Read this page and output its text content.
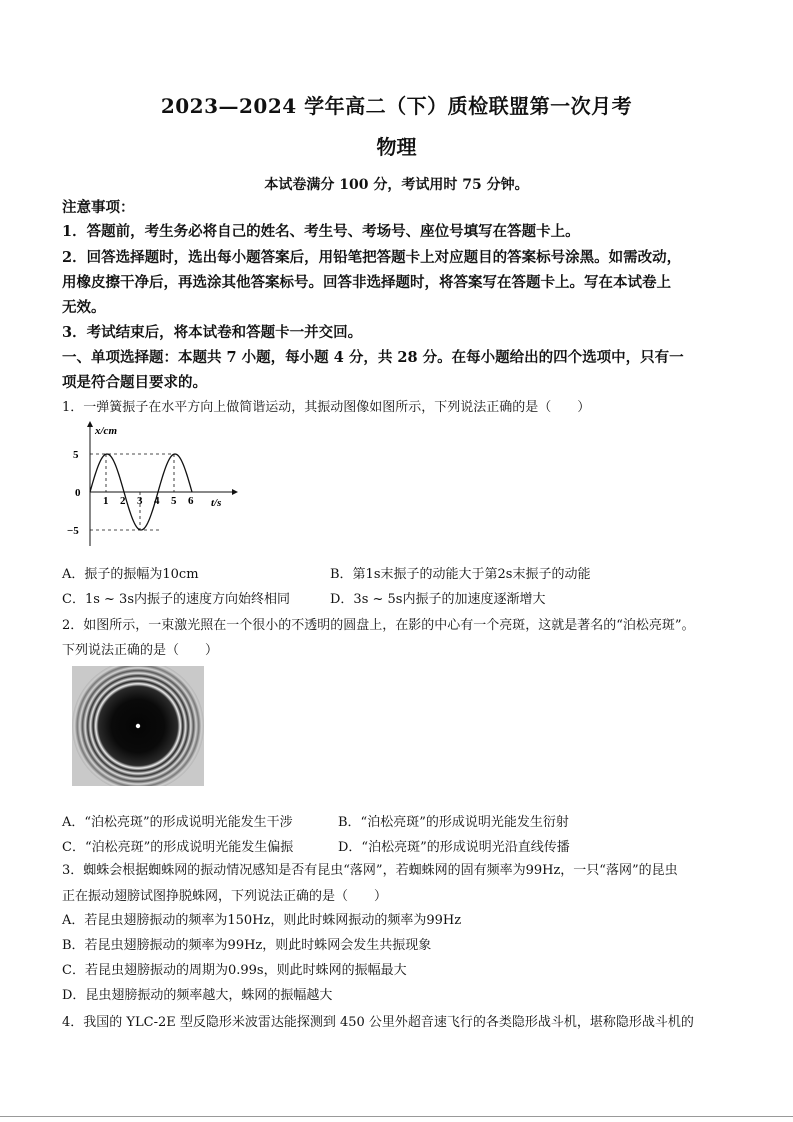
2023—2024 学年高二（下）质检联盟第一次月考
物理
本试卷满分 100 分，考试用时 75 分钟。
注意事项：
1．答题前，考生务必将自己的姓名、考生号、考场号、座位号填写在答题卡上。
2．回答选择题时，选出每小题答案后，用铅笔把答题卡上对应题目的答案标号涂黑。如需改动，
用橡皮擦干净后，再选涂其他答案标号。回答非选择题时，将答案写在答题卡上。写在本试卷上
无效。
3．考试结束后，将本试卷和答题卡一并交回。
一、单项选择题：本题共 7 小题，每小题 4 分，共 28 分。在每小题给出的四个选项中，只有一
项是符合题目要求的。
1．一弹簧振子在水平方向上做简谐运动，其振动图像如图所示，下列说法正确的是（　　）
x/cm
5
0
−5
1 2 3 4 5 6 t/s
A．振子的振幅为10cm	B．第1s末振子的动能大于第2s末振子的动能
C．1s ~ 3s内振子的速度方向始终相同	D．3s ~ 5s内振子的加速度逐渐增大
2．如图所示，一束激光照在一个很小的不透明的圆盘上，在影的中心有一个亮斑，这就是著名的“泊松亮斑”。
下列说法正确的是（　　）
A．“泊松亮斑”的形成说明光能发生干涉	B．“泊松亮斑”的形成说明光能发生衍射
C．“泊松亮斑”的形成说明光能发生偏振	D．“泊松亮斑”的形成说明光沿直线传播
3．蜘蛛会根据蜘蛛网的振动情况感知是否有昆虫“落网”，若蜘蛛网的固有频率为99Hz，一只“落网”的昆虫
正在振动翅膀试图挣脱蛛网，下列说法正确的是（　　）
A．若昆虫翅膀振动的频率为150Hz，则此时蛛网振动的频率为99Hz
B．若昆虫翅膀振动的频率为99Hz，则此时蛛网会发生共振现象
C．若昆虫翅膀振动的周期为0.99s，则此时蛛网的振幅最大
D．昆虫翅膀振动的频率越大，蛛网的振幅越大
4．我国的 YLC-2E 型反隐形米波雷达能探测到 450 公里外超音速飞行的各类隐形战斗机，堪称隐形战斗机的
